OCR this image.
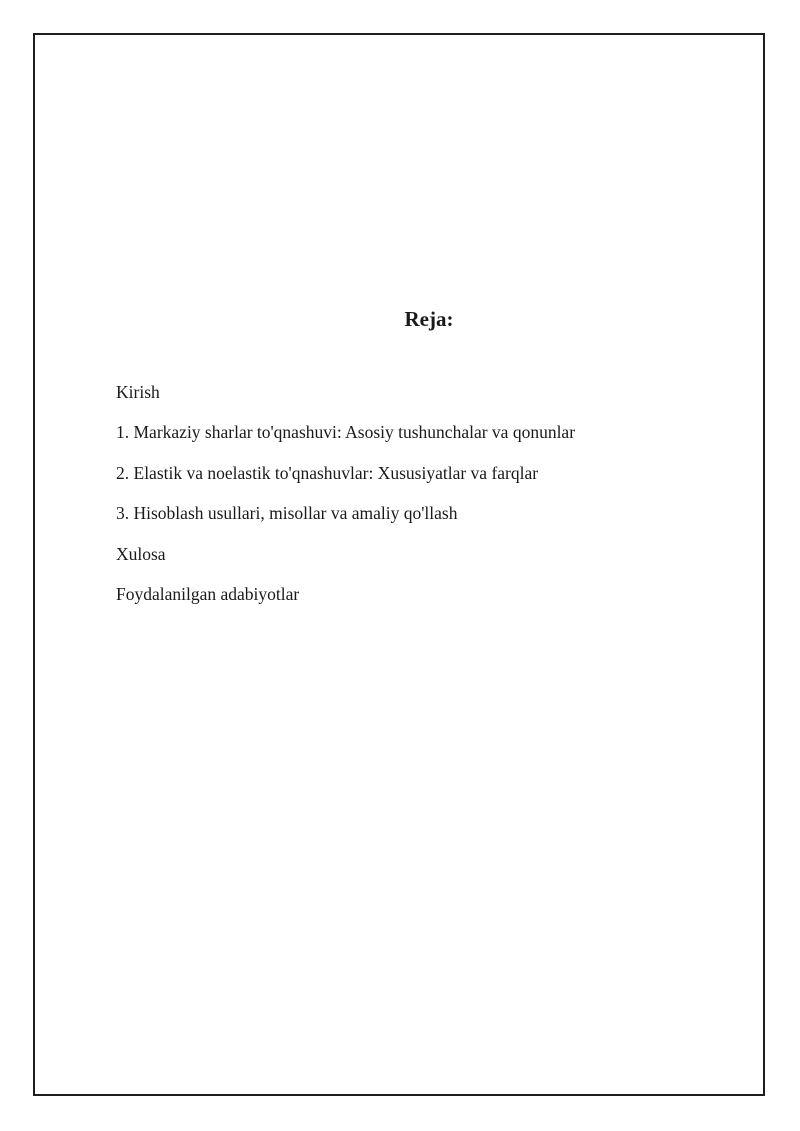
Reja:
Kirish
1. Markaziy sharlar to'qnashuvi: Asosiy tushunchalar va qonunlar
2. Elastik va noelastik to'qnashuvlar: Xususiyatlar va farqlar
3. Hisoblash usullari, misollar va amaliy qo'llash
Xulosa
Foydalanilgan adabiyotlar
